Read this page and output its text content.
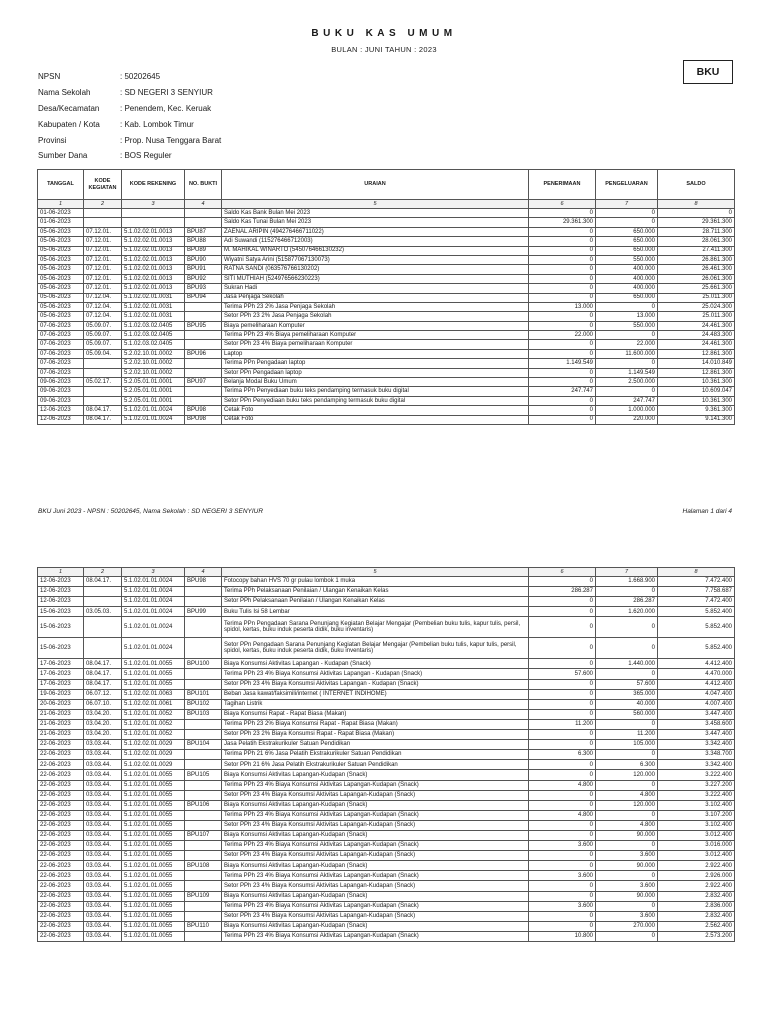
BUKU KAS UMUM
BULAN : JUNI TAHUN : 2023
BKU
NPSN	: 50202645
Nama Sekolah	: SD NEGERI 3 SENYIUR
Desa/Kecamatan	: Penendem, Kec. Keruak
Kabupaten / Kota	: Kab. Lombok Timur
Provinsi	: Prop. Nusa Tenggara Barat
Sumber Dana	: BOS Reguler
TANGGAL	KODE KEGIATAN	KODE REKENING	NO. BUKTI	URAIAN	PENERIMAAN	PENGELUARAN	SALDO
1	2	3	4	5	6	7	8
01-06-2023				Saldo Kas Bank Bulan Mei 2023	0	0	0
01-06-2023				Saldo Kas Tunai Bulan Mei 2023	29.361.300	0	29.361.300
05-06-2023	07.12.01.	5.1.02.02.01.0013	BPU87	ZAENAL ARIPIN (494276466711022)	0	650.000	28.711.300
05-06-2023	07.12.01.	5.1.02.02.01.0013	BPU88	Adi Suwandi (115276466712003)	0	650.000	28.061.300
05-06-2023	07.12.01.	5.1.02.02.01.0013	BPU89	M. MAHIKAL WINARTO (545076466130232)	0	650.000	27.411.300
05-06-2023	07.12.01.	5.1.02.02.01.0013	BPU90	Wiyatni Satya Arini (515877067130073)	0	550.000	26.861.300
05-06-2023	07.12.01.	5.1.02.02.01.0013	BPU91	RATNA SANDI (063576766130202)	0	400.000	26.461.300
05-06-2023	07.12.01.	5.1.02.02.01.0013	BPU92	SITI MUTHIAH (524976566230223)	0	400.000	26.061.300
05-06-2023	07.12.01.	5.1.02.02.01.0013	BPU93	Sukran Hadi	0	400.000	25.661.300
05-06-2023	07.12.04.	5.1.02.02.01.0031	BPU94	Jasa Penjaga Sekolah	0	650.000	25.011.300
05-06-2023	07.12.04.	5.1.02.02.01.0031		Terima PPh 23 2% Jasa Penjaga Sekolah	13.000	0	25.024.300
05-06-2023	07.12.04.	5.1.02.02.01.0031		Setor PPh 23 2% Jasa Penjaga Sekolah	0	13.000	25.011.300
07-06-2023	05.09.07.	5.1.02.03.02.0405	BPU95	Biaya pemeliharaan Komputer	0	550.000	24.461.300
07-06-2023	05.09.07.	5.1.02.03.02.0405		Terima PPh 23 4% Biaya pemeliharaan Komputer	22.000	0	24.483.300
07-06-2023	05.09.07.	5.1.02.03.02.0405		Setor PPh 23 4% Biaya pemeliharaan Komputer	0	22.000	24.461.300
07-06-2023	05.09.04.	5.2.02.10.01.0002	BPU96	Laptop	0	11.600.000	12.861.300
07-06-2023		5.2.02.10.01.0002		Terima PPn Pengadaan laptop	1.149.549	0	14.010.849
07-06-2023		5.2.02.10.01.0002		Setor PPn Pengadaan laptop	0	1.149.549	12.861.300
09-06-2023	05.02.17.	5.2.05.01.01.0001	BPU97	Belanja Modal Buku Umum	0	2.500.000	10.361.300
09-06-2023		5.2.05.01.01.0001		Terima PPn Penyediaan buku teks pendamping termasuk buku digital	247.747	0	10.609.047
09-06-2023		5.2.05.01.01.0001		Setor PPn Penyediaan buku teks pendamping termasuk buku digital	0	247.747	10.361.300
12-06-2023	08.04.17.	5.1.02.01.01.0024	BPU98	Cetak Foto	0	1.000.000	9.361.300
12-06-2023	08.04.17.	5.1.02.01.01.0024	BPU98	Cetak Foto	0	220.000	9.141.300
BKU Juni 2023 - NPSN : 50202645, Nama Sekolah : SD NEGERI 3 SENYIUR	Halaman 1 dari 4
1	2	3	4	5	6	7	8
12-06-2023	08.04.17.	5.1.02.01.01.0024	BPU98	Fotocopy bahan HVS 70 gr pulau lombok 1 muka	0	1.668.900	7.472.400
12-06-2023		5.1.02.01.01.0024		Terima PPh Pelaksanaan Penilaian / Ulangan Kenaikan Kelas	286.287	0	7.758.687
12-06-2023		5.1.02.01.01.0024		Setor PPh Pelaksanaan Penilaian / Ulangan Kenaikan Kelas	0	286.287	7.472.400
15-06-2023	03.05.03.	5.1.02.01.01.0024	BPU99	Buku Tulis Isi 58 Lembar	0	1.620.000	5.852.400
15-06-2023		5.1.02.01.01.0024		Terima PPn Pengadaan Sarana Penunjang Kegiatan Belajar Mengajar (Pembelian buku tulis, kapur tulis, persil, spidol, kertas, buku induk peserta didik, buku inventaris)	0	0	5.852.400
15-06-2023		5.1.02.01.01.0024		Setor PPn Pengadaan Sarana Penunjang Kegiatan Belajar Mengajar (Pembelian buku tulis, kapur tulis, persil, spidol, kertas, buku induk peserta didik, buku inventaris)	0	0	5.852.400
17-06-2023	08.04.17.	5.1.02.01.01.0055	BPU100	Biaya Konsumsi Aktivitas Lapangan - Kudapan (Snack)	0	1.440.000	4.412.400
17-06-2023	08.04.17.	5.1.02.01.01.0055		Terima PPh 23 4% Biaya Konsumsi Aktivitas Lapangan - Kudapan (Snack)	57.600	0	4.470.000
17-06-2023	08.04.17.	5.1.02.01.01.0055		Setor PPh 23 4% Biaya Konsumsi Aktivitas Lapangan - Kudapan (Snack)	0	57.600	4.412.400
19-06-2023	06.07.12.	5.1.02.02.01.0063	BPU101	Beban Jasa kawat/faksimili/internet ( INTERNET INDIHOME)	0	365.000	4.047.400
20-06-2023	06.07.10.	5.1.02.02.01.0061	BPU102	Tagihan Listrik	0	40.000	4.007.400
21-06-2023	03.04.20.	5.1.02.01.01.0052	BPU103	Biaya Konsumsi Rapat - Rapat Biasa (Makan)	0	560.000	3.447.400
21-06-2023	03.04.20.	5.1.02.01.01.0052		Terima PPh 23 2% Biaya Konsumsi Rapat - Rapat Biasa (Makan)	11.200	0	3.458.600
21-06-2023	03.04.20.	5.1.02.01.01.0052		Setor PPh 23 2% Biaya Konsumsi Rapat - Rapat Biasa (Makan)	0	11.200	3.447.400
22-06-2023	03.03.44.	5.1.02.02.01.0029	BPU104	Jasa Pelatih Ekstrakurikuler Satuan Pendidikan	0	105.000	3.342.400
22-06-2023	03.03.44.	5.1.02.02.01.0029		Terima PPh 21 6% Jasa Pelatih Ekstrakurikuler Satuan Pendidikan	6.300	0	3.348.700
22-06-2023	03.03.44.	5.1.02.02.01.0029		Setor PPh 21 6% Jasa Pelatih Ekstrakurikuler Satuan Pendidikan	0	6.300	3.342.400
22-06-2023	03.03.44.	5.1.02.01.01.0055	BPU105	Biaya Konsumsi Aktivitas Lapangan-Kudapan (Snack)	0	120.000	3.222.400
22-06-2023	03.03.44.	5.1.02.01.01.0055		Terima PPh 23 4% Biaya Konsumsi Aktivitas Lapangan-Kudapan (Snack)	4.800	0	3.227.200
22-06-2023	03.03.44.	5.1.02.01.01.0055		Setor PPh 23 4% Biaya Konsumsi Aktivitas Lapangan-Kudapan (Snack)	0	4.800	3.222.400
22-06-2023	03.03.44.	5.1.02.01.01.0055	BPU106	Biaya Konsumsi Aktivitas Lapangan-Kudapan (Snack)	0	120.000	3.102.400
22-06-2023	03.03.44.	5.1.02.01.01.0055		Terima PPh 23 4% Biaya Konsumsi Aktivitas Lapangan-Kudapan (Snack)	4.800	0	3.107.200
22-06-2023	03.03.44.	5.1.02.01.01.0055		Setor PPh 23 4% Biaya Konsumsi Aktivitas Lapangan-Kudapan (Snack)	0	4.800	3.102.400
22-06-2023	03.03.44.	5.1.02.01.01.0055	BPU107	Biaya Konsumsi Aktivitas Lapangan-Kudapan (Snack)	0	90.000	3.012.400
22-06-2023	03.03.44.	5.1.02.01.01.0055		Terima PPh 23 4% Biaya Konsumsi Aktivitas Lapangan-Kudapan (Snack)	3.600	0	3.016.000
22-06-2023	03.03.44.	5.1.02.01.01.0055		Setor PPh 23 4% Biaya Konsumsi Aktivitas Lapangan-Kudapan (Snack)	0	3.600	3.012.400
22-06-2023	03.03.44.	5.1.02.01.01.0055	BPU108	Biaya Konsumsi Aktivitas Lapangan-Kudapan (Snack)	0	90.000	2.922.400
22-06-2023	03.03.44.	5.1.02.01.01.0055		Terima PPh 23 4% Biaya Konsumsi Aktivitas Lapangan-Kudapan (Snack)	3.600	0	2.926.000
22-06-2023	03.03.44.	5.1.02.01.01.0055		Setor PPh 23 4% Biaya Konsumsi Aktivitas Lapangan-Kudapan (Snack)	0	3.600	2.922.400
22-06-2023	03.03.44.	5.1.02.01.01.0055	BPU109	Biaya Konsumsi Aktivitas Lapangan-Kudapan (Snack)	0	90.000	2.832.400
22-06-2023	03.03.44.	5.1.02.01.01.0055		Terima PPh 23 4% Biaya Konsumsi Aktivitas Lapangan-Kudapan (Snack)	3.600	0	2.836.000
22-06-2023	03.03.44.	5.1.02.01.01.0055		Setor PPh 23 4% Biaya Konsumsi Aktivitas Lapangan-Kudapan (Snack)	0	3.600	2.832.400
22-06-2023	03.03.44.	5.1.02.01.01.0055	BPU110	Biaya Konsumsi Aktivitas Lapangan-Kudapan (Snack)	0	270.000	2.562.400
22-06-2023	03.03.44.	5.1.02.01.01.0055		Terima PPh 23 4% Biaya Konsumsi Aktivitas Lapangan-Kudapan (Snack)	10.800	0	2.573.200
